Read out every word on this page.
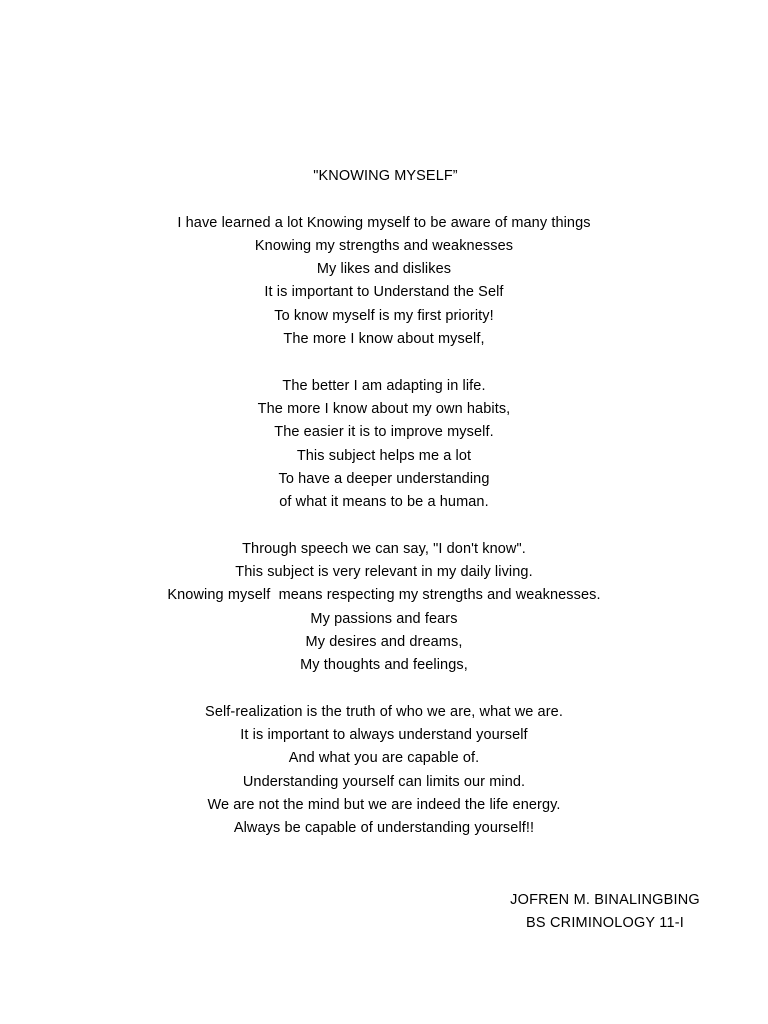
"KNOWING MYSELF”
I have learned a lot Knowing myself to be aware of many things
Knowing my strengths and weaknesses
My likes and dislikes
It is important to Understand the Self
To know myself is my first priority!
The more I know about myself,
The better I am adapting in life.
The more I know about my own habits,
The easier it is to improve myself.
This subject helps me a lot
To have a deeper understanding
of what it means to be a human.
Through speech we can say, "I don't know".
This subject is very relevant in my daily living.
Knowing myself  means respecting my strengths and weaknesses.
My passions and fears
My desires and dreams,
My thoughts and feelings,
Self-realization is the truth of who we are, what we are.
It is important to always understand yourself
And what you are capable of.
Understanding yourself can limits our mind.
We are not the mind but we are indeed the life energy.
Always be capable of understanding yourself!!
JOFREN M. BINALINGBING
BS CRIMINOLOGY 11-I
